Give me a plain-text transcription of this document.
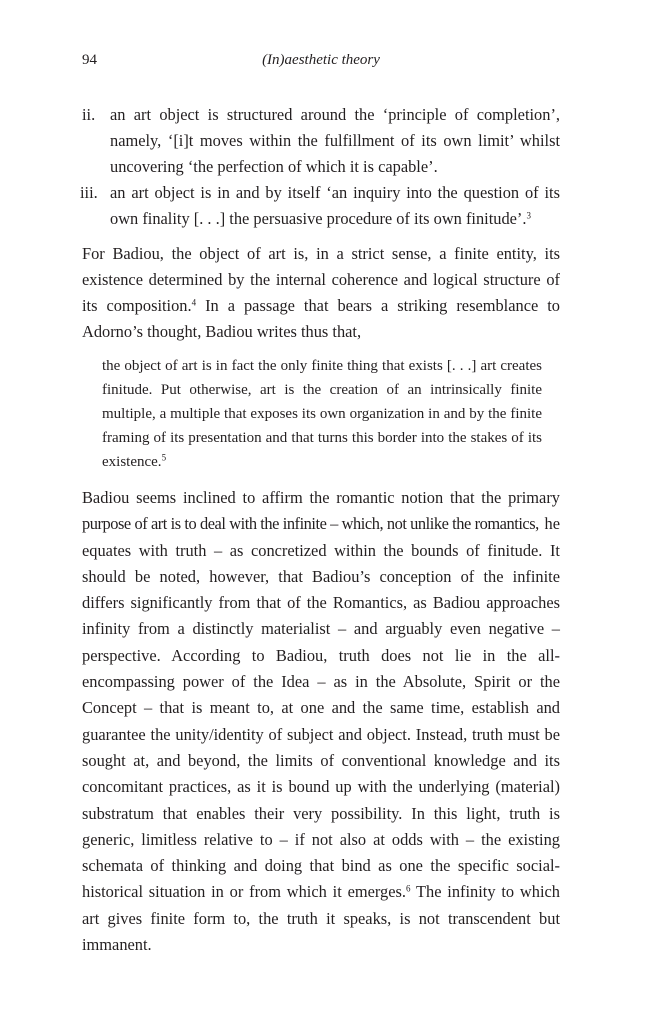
94	(In)aesthetic theory
ii. an art object is structured around the ‘principle of completion’, namely, ‘[i]t moves within the fulfillment of its own limit’ whilst uncovering ‘the perfection of which it is capable’.
iii. an art object is in and by itself ‘an inquiry into the question of its own finality [. . .] the persuasive procedure of its own finitude’.$^3$

For Badiou, the object of art is, in a strict sense, a finite entity, its existence determined by the internal coherence and logical structure of its composition.$^4$ In a passage that bears a striking resemblance to Adorno’s thought, Badiou writes thus that,

the object of art is in fact the only finite thing that exists [. . .] art creates finitude. Put otherwise, art is the creation of an intrinsically finite multiple, a multiple that exposes its own organization in and by the finite framing of its presentation and that turns this border into the stakes of its existence.$^5$

Badiou seems inclined to affirm the romantic notion that the primary purpose of art is to deal with the infinite – which, not unlike the romantics, he equates with truth – as concretized within the bounds of finitude. It should be noted, however, that Badiou’s conception of the infinite differs significantly from that of the Romantics, as Badiou approaches infinity from a distinctly materialist – and arguably even negative – perspective. According to Badiou, truth does not lie in the all-encompassing power of the Idea – as in the Absolute, Spirit or the Concept – that is meant to, at one and the same time, establish and guarantee the unity/identity of subject and object. Instead, truth must be sought at, and beyond, the limits of conventional knowledge and its concomitant practices, as it is bound up with the underlying (material) substratum that enables their very possibility. In this light, truth is generic, limitless relative to – if not also at odds with – the existing schemata of thinking and doing that bind as one the specific social-historical situation in or from which it emerges.$^6$ The infinity to which art gives finite form to, the truth it speaks, is not transcendent but immanent.
